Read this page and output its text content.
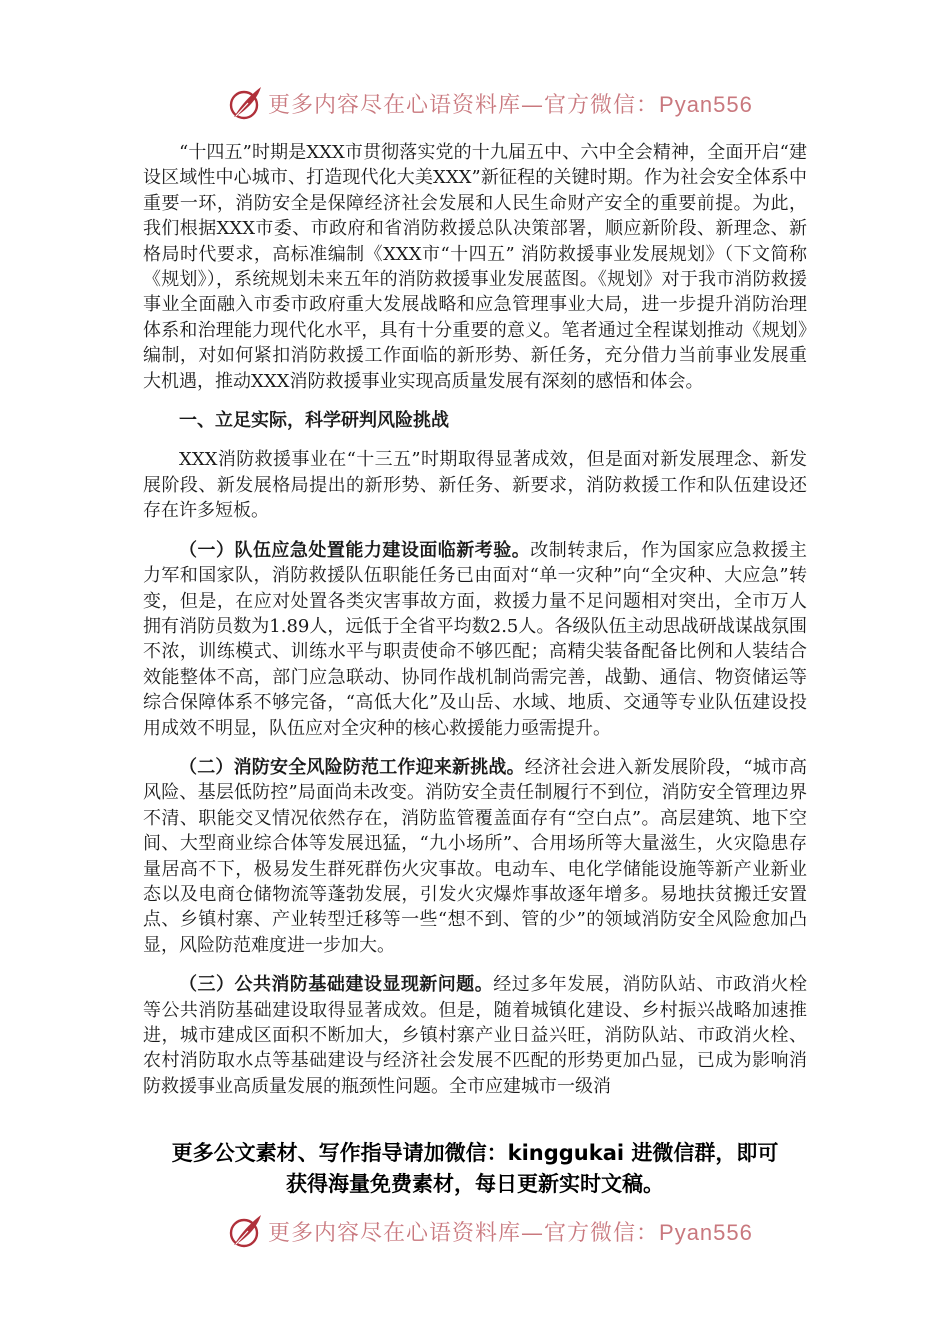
更多内容尽在心语资料库—官方微信：Pyan556

“十四五”时期是XXX市贯彻落实党的十九届五中、六中全会精神，全面开启“建设区域性中心城市、打造现代化大美XXX”新征程的关键时期。作为社会安全体系中重要一环，消防安全是保障经济社会发展和人民生命财产安全的重要前提。为此，我们根据XXX市委、市政府和省消防救援总队决策部署，顺应新阶段、新理念、新格局时代要求，高标准编制《XXX市“十四五” 消防救援事业发展规划》（下文简称《规划》），系统规划未来五年的消防救援事业发展蓝图。《规划》对于我市消防救援事业全面融入市委市政府重大发展战略和应急管理事业大局，进一步提升消防治理体系和治理能力现代化水平，具有十分重要的意义。笔者通过全程谋划推动《规划》编制，对如何紧扣消防救援工作面临的新形势、新任务，充分借力当前事业发展重大机遇，推动XXX消防救援事业实现高质量发展有深刻的感悟和体会。

一、立足实际，科学研判风险挑战

XXX消防救援事业在“十三五”时期取得显著成效，但是面对新发展理念、新发展阶段、新发展格局提出的新形势、新任务、新要求，消防救援工作和队伍建设还存在许多短板。

（一）队伍应急处置能力建设面临新考验。改制转隶后，作为国家应急救援主力军和国家队，消防救援队伍职能任务已由面对“单一灾种”向“全灾种、大应急”转变，但是，在应对处置各类灾害事故方面，救援力量不足问题相对突出，全市万人拥有消防员数为1.89人，远低于全省平均数2.5人。各级队伍主动思战研战谋战氛围不浓，训练模式、训练水平与职责使命不够匹配；高精尖装备配备比例和人装结合效能整体不高，部门应急联动、协同作战机制尚需完善，战勤、通信、物资储运等综合保障体系不够完备，“高低大化”及山岳、水域、地质、交通等专业队伍建设投用成效不明显，队伍应对全灾种的核心救援能力亟需提升。

（二）消防安全风险防范工作迎来新挑战。经济社会进入新发展阶段，“城市高风险、基层低防控”局面尚未改变。消防安全责任制履行不到位，消防安全管理边界不清、职能交叉情况依然存在，消防监管覆盖面存有“空白点”。高层建筑、地下空间、大型商业综合体等发展迅猛，“九小场所”、合用场所等大量滋生，火灾隐患存量居高不下，极易发生群死群伤火灾事故。电动车、电化学储能设施等新产业新业态以及电商仓储物流等蓬勃发展，引发火灾爆炸事故逐年增多。易地扶贫搬迁安置点、乡镇村寨、产业转型迁移等一些“想不到、管的少”的领域消防安全风险愈加凸显，风险防范难度进一步加大。

（三）公共消防基础建设显现新问题。经过多年发展，消防队站、市政消火栓等公共消防基础建设取得显著成效。但是，随着城镇化建设、乡村振兴战略加速推进，城市建成区面积不断加大，乡镇村寨产业日益兴旺，消防队站、市政消火栓、农村消防取水点等基础建设与经济社会发展不匹配的形势更加凸显，已成为影响消防救援事业高质量发展的瓶颈性问题。全市应建城市一级消

更多公文素材、写作指导请加微信：kinggukai 进微信群，即可
获得海量免费素材，每日更新实时文稿。
更多内容尽在心语资料库—官方微信：Pyan556
